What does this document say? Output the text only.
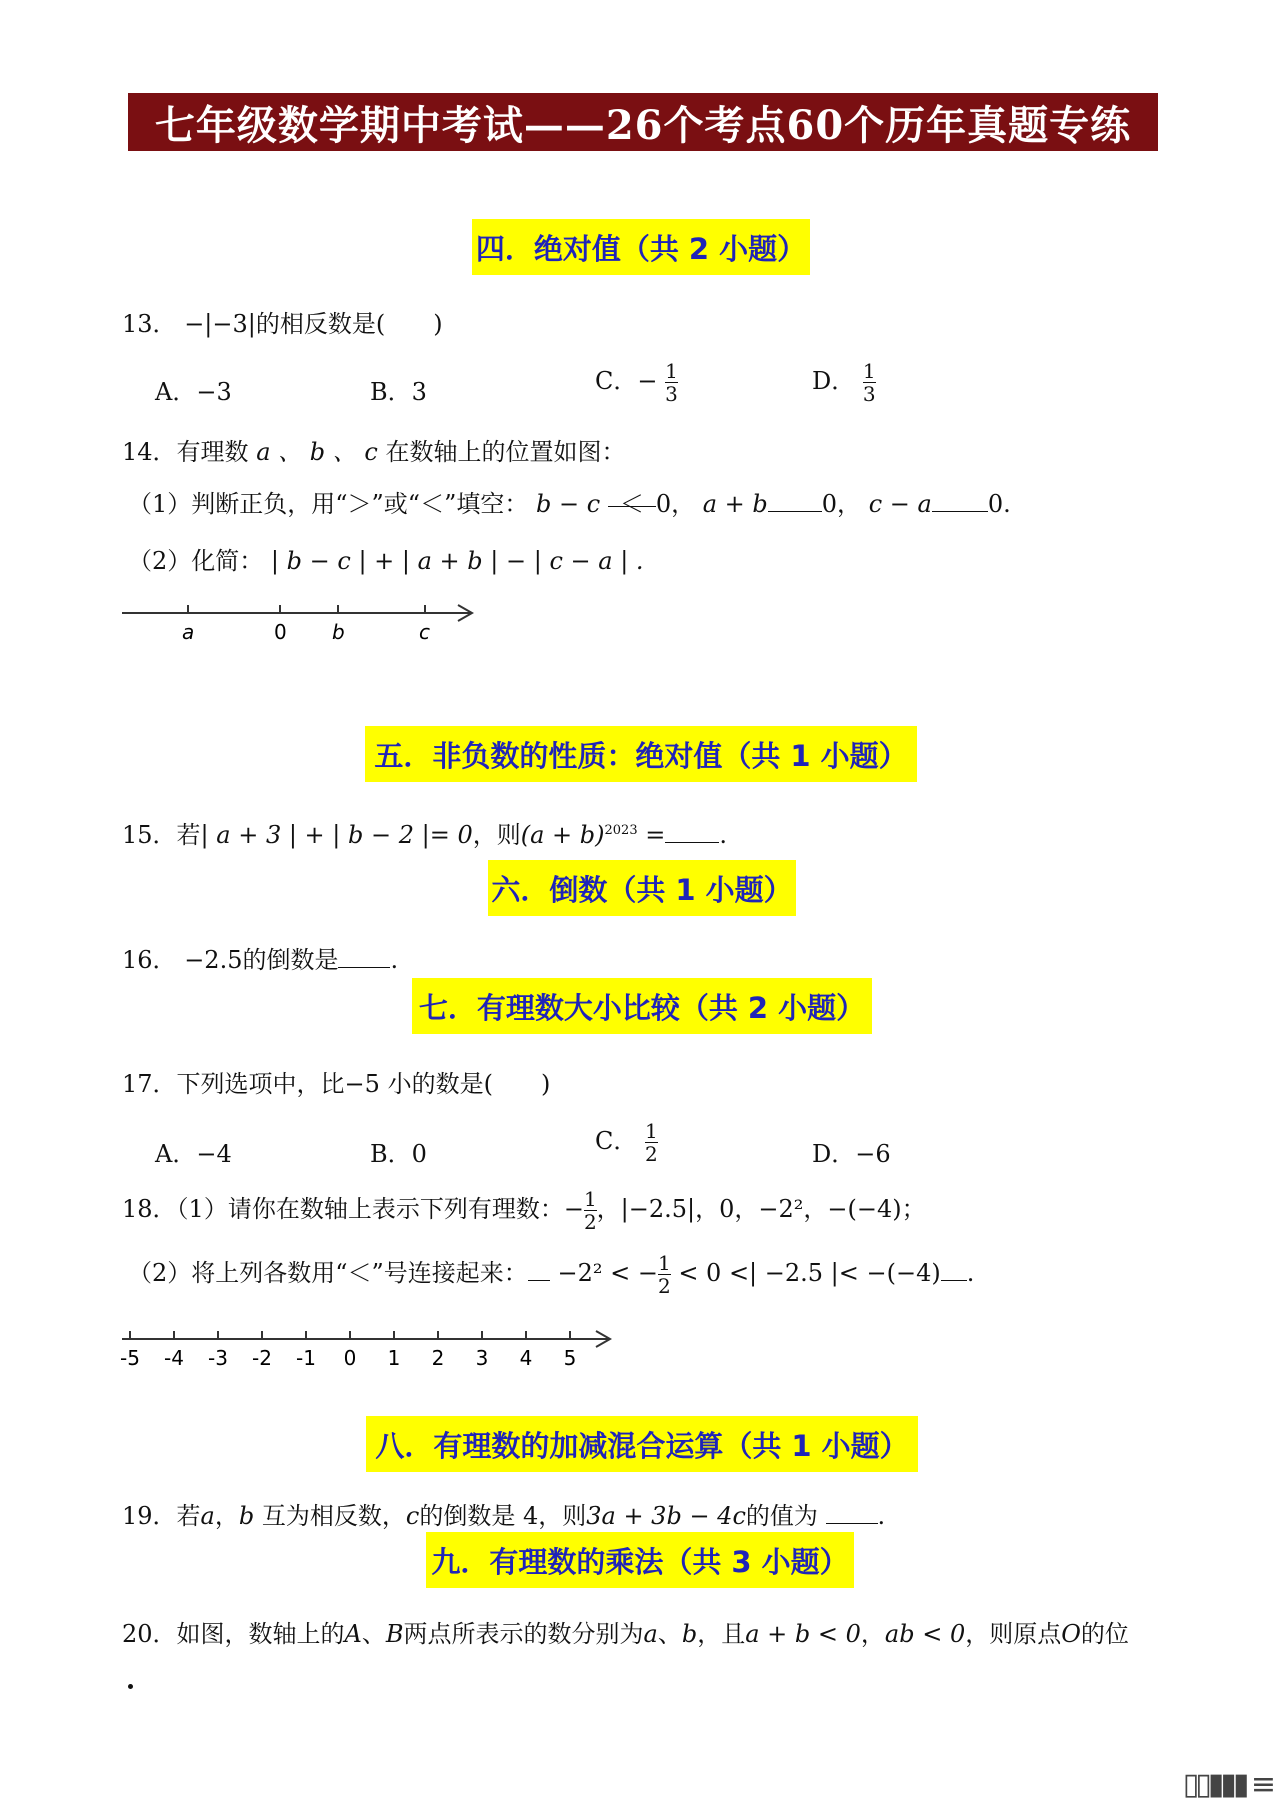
七年级数学期中考试——26个考点60个历年真题专练
四．绝对值（共 2 小题）
13． −|−3|的相反数是(　　)
A．−3	B．3	C．− $\frac{1}{3}$	D． $\frac{1}{3}$
14．有理数 a 、 b 、 c 在数轴上的位置如图：
（1）判断正负，用“＞”或“＜”填空： b − c ＜ 0， a + b 0， c − a 0.
（2）化简： | b − c | + | a + b | − | c − a | .
a	0 b	c
五．非负数的性质：绝对值（共 1 小题）
15．若| a + 3 | + | b − 2 |= 0，则$(a + b)^{2023}$ = .
六．倒数（共 1 小题）
16． −2.5的倒数是 .
七．有理数大小比较（共 2 小题）
17．下列选项中，比−5 小的数是(　　)
A．−4	B．0	C． $\frac{1}{2}$	D．−6
18．（1）请你在数轴上表示下列有理数：− $\frac{1}{2}$ ，|−2.5|，0，−2²，−(−4)；
（2）将上列各数用“＜”号连接起来： −2² < − $\frac{1}{2} < 0$ <| −2.5 |< −(−4) .
-5 -4 -3 -2 -1 0 1 2 3 4 5
八．有理数的加减混合运算（共 1 小题）
19．若a，b 互为相反数，c的倒数是 4，则3a + 3b − 4c的值为 .
九．有理数的乘法（共 3 小题）
20．如图，数轴上的A、B两点所表示的数分别为a、b，且a + b < 0，ab < 0，则原点O的位
▯▯▮▮▮ ≡
